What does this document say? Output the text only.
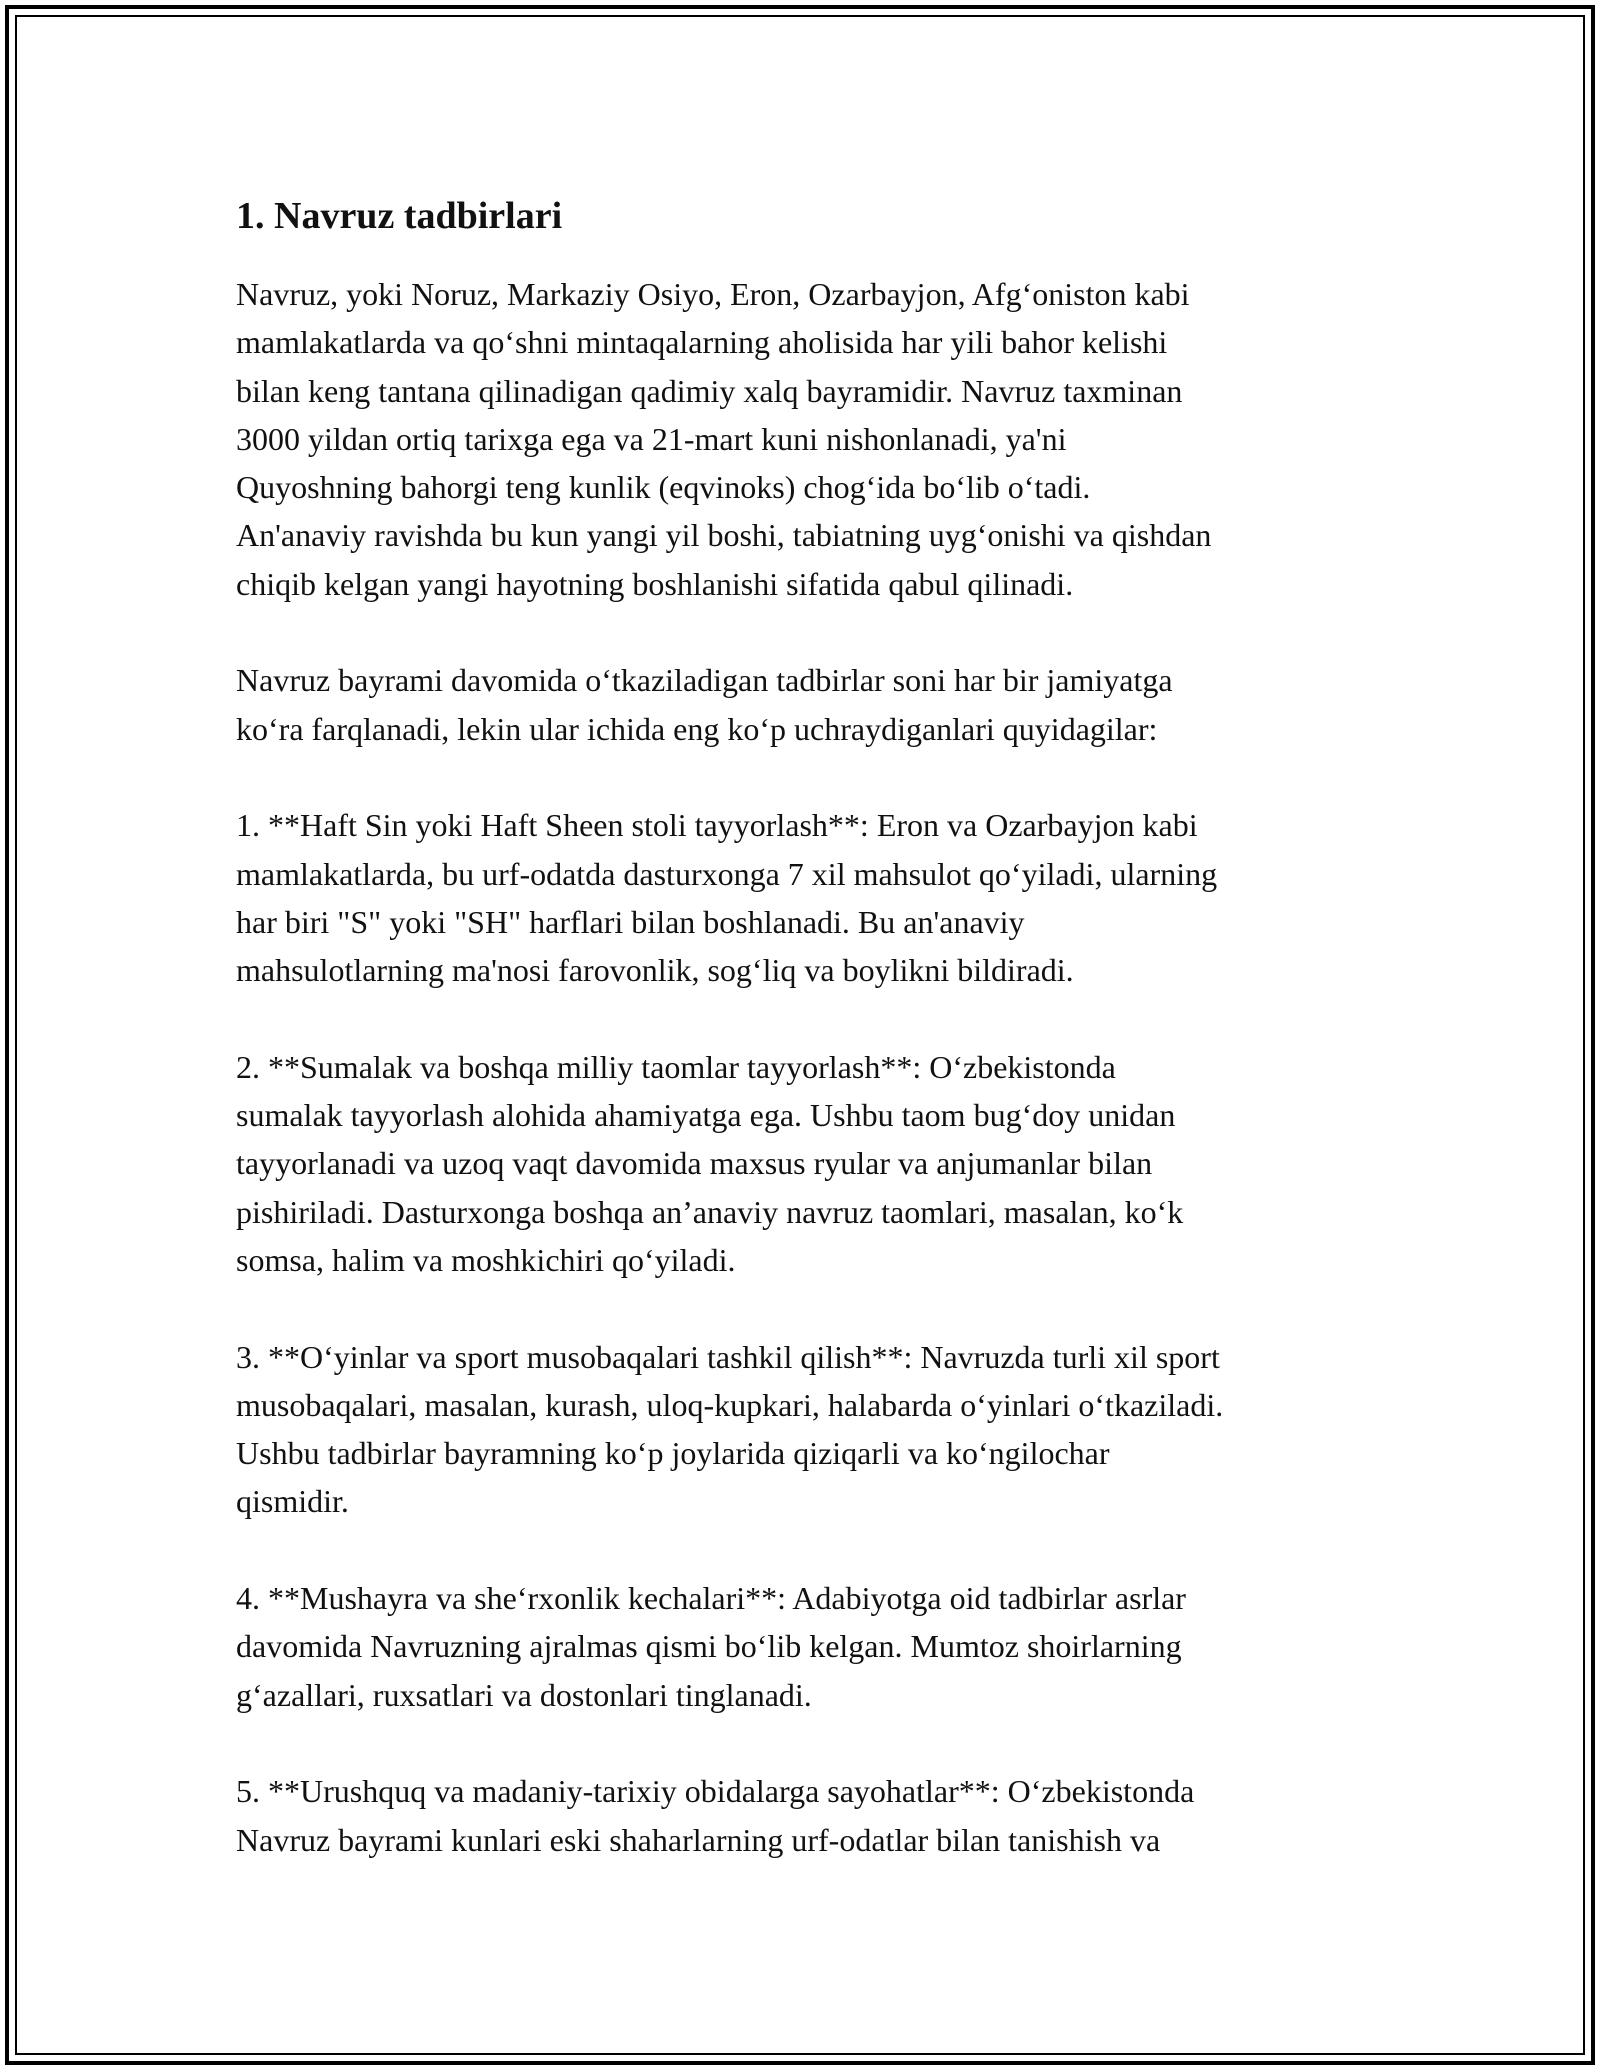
1. Navruz tadbirlari

Navruz, yoki Noruz, Markaziy Osiyo, Eron, Ozarbayjon, Afg‘oniston kabi
mamlakatlarda va qo‘shni mintaqalarning aholisida har yili bahor kelishi
bilan keng tantana qilinadigan qadimiy xalq bayramidir. Navruz taxminan
3000 yildan ortiq tarixga ega va 21-mart kuni nishonlanadi, ya'ni
Quyoshning bahorgi teng kunlik (eqvinoks) chog‘ida bo‘lib o‘tadi.
An'anaviy ravishda bu kun yangi yil boshi, tabiatning uyg‘onishi va qishdan
chiqib kelgan yangi hayotning boshlanishi sifatida qabul qilinadi.

Navruz bayrami davomida o‘tkaziladigan tadbirlar soni har bir jamiyatga
ko‘ra farqlanadi, lekin ular ichida eng ko‘p uchraydiganlari quyidagilar:

1. **Haft Sin yoki Haft Sheen stoli tayyorlash**: Eron va Ozarbayjon kabi
mamlakatlarda, bu urf-odatda dasturxonga 7 xil mahsulot qo‘yiladi, ularning
har biri "S" yoki "SH" harflari bilan boshlanadi. Bu an'anaviy
mahsulotlarning ma'nosi farovonlik, sog‘liq va boylikni bildiradi.

2. **Sumalak va boshqa milliy taomlar tayyorlash**: O‘zbekistonda
sumalak tayyorlash alohida ahamiyatga ega. Ushbu taom bug‘doy unidan
tayyorlanadi va uzoq vaqt davomida maxsus ryular va anjumanlar bilan
pishiriladi. Dasturxonga boshqa an’anaviy navruz taomlari, masalan, ko‘k
somsa, halim va moshkichiri qo‘yiladi.

3. **O‘yinlar va sport musobaqalari tashkil qilish**: Navruzda turli xil sport
musobaqalari, masalan, kurash, uloq-kupkari, halabarda o‘yinlari o‘tkaziladi.
Ushbu tadbirlar bayramning ko‘p joylarida qiziqarli va ko‘ngilochar
qismidir.

4. **Mushayra va she‘rxonlik kechalari**: Adabiyotga oid tadbirlar asrlar
davomida Navruzning ajralmas qismi bo‘lib kelgan. Mumtoz shoirlarning
g‘azallari, ruxsatlari va dostonlari tinglanadi.

5. **Urushquq va madaniy-tarixiy obidalarga sayohatlar**: O‘zbekistonda
Navruz bayrami kunlari eski shaharlarning urf-odatlar bilan tanishish va
